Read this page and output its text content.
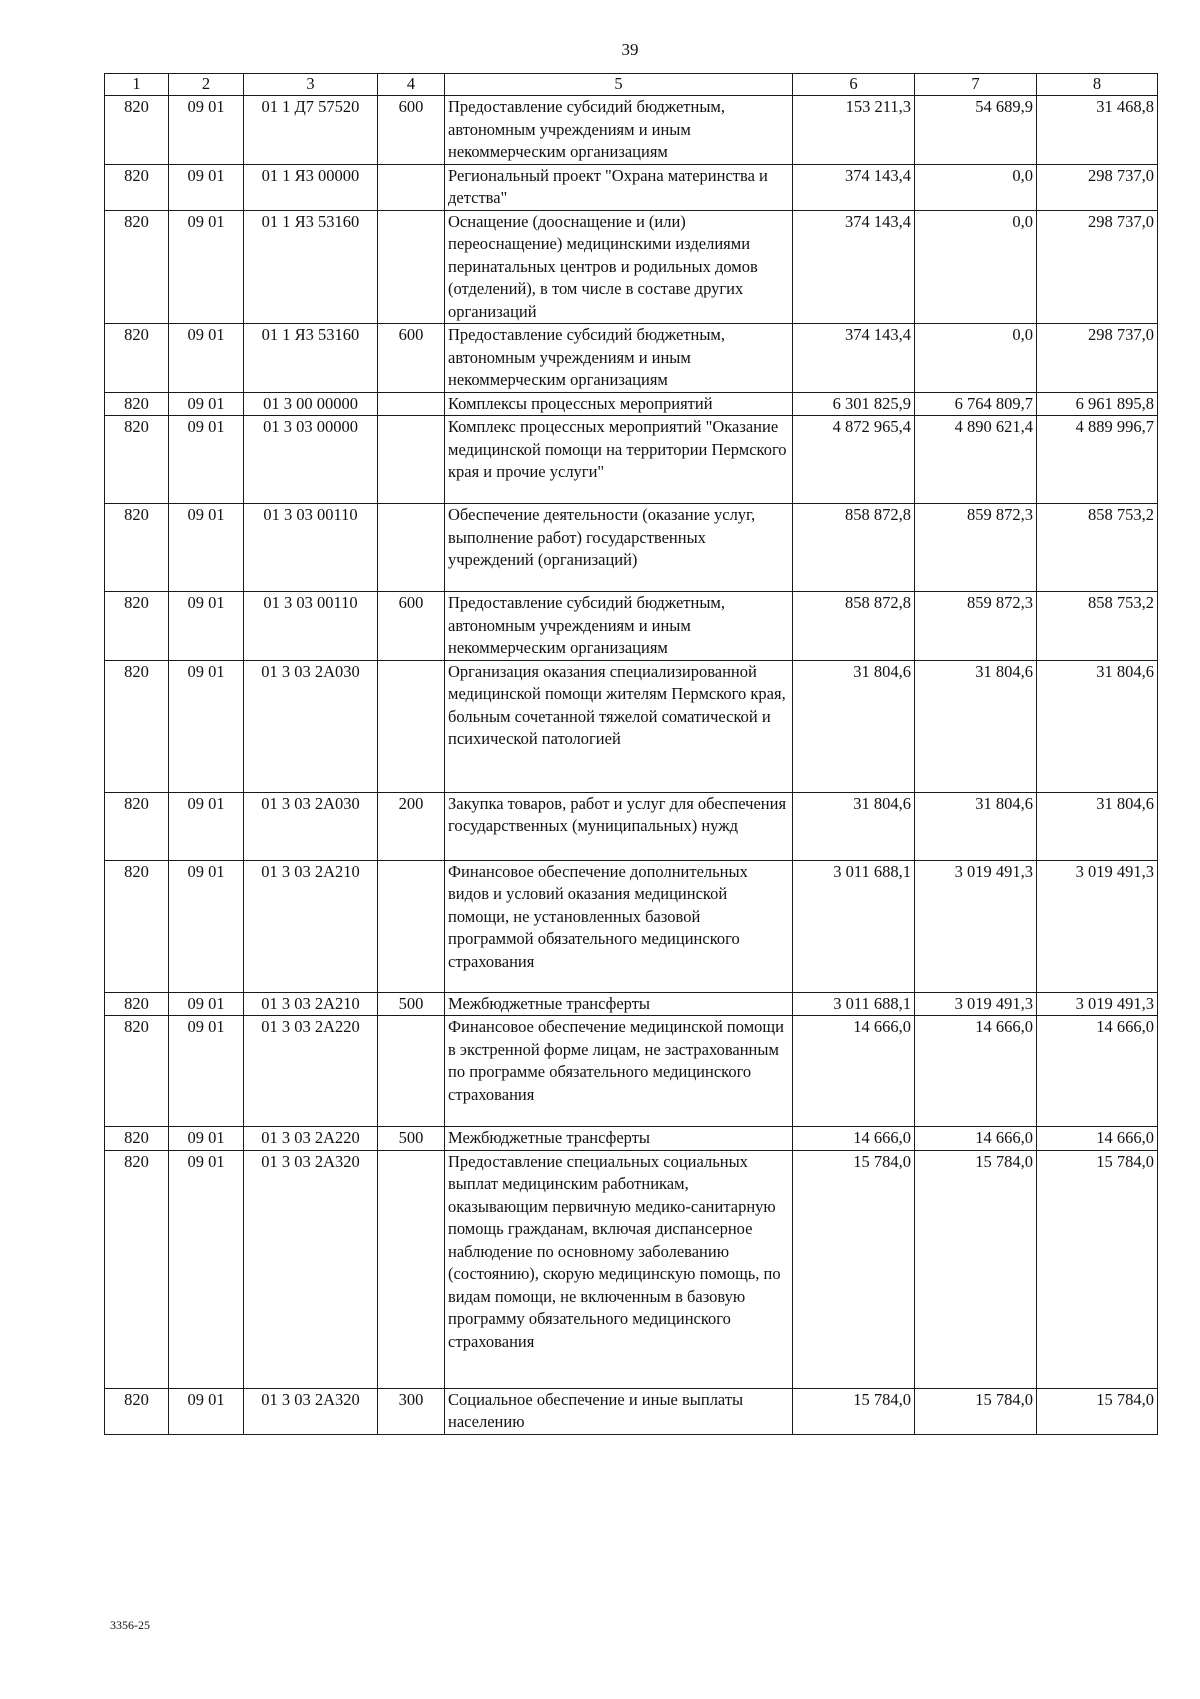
39
1	2	3	4	5	6	7	8
820	09 01	01 1 Д7 57520	600	Предоставление субсидий бюджетным, автономным учреждениям и иным некоммерческим организациям	153 211,3	54 689,9	31 468,8
820	09 01	01 1 Я3 00000		Региональный проект "Охрана материнства и детства"	374 143,4	0,0	298 737,0
820	09 01	01 1 Я3 53160		Оснащение (дооснащение и (или) переоснащение) медицинскими изделиями перинатальных центров и родильных домов (отделений), в том числе в составе других организаций	374 143,4	0,0	298 737,0
820	09 01	01 1 Я3 53160	600	Предоставление субсидий бюджетным, автономным учреждениям и иным некоммерческим организациям	374 143,4	0,0	298 737,0
820	09 01	01 3 00 00000		Комплексы процессных мероприятий	6 301 825,9	6 764 809,7	6 961 895,8
820	09 01	01 3 03 00000		Комплекс процессных мероприятий "Оказание медицинской помощи на территории Пермского края и прочие услуги"	4 872 965,4	4 890 621,4	4 889 996,7
820	09 01	01 3 03 00110		Обеспечение деятельности (оказание услуг, выполнение работ) государственных учреждений (организаций)	858 872,8	859 872,3	858 753,2
820	09 01	01 3 03 00110	600	Предоставление субсидий бюджетным, автономным учреждениям и иным некоммерческим организациям	858 872,8	859 872,3	858 753,2
820	09 01	01 3 03 2А030		Организация оказания специализированной медицинской помощи жителям Пермского края, больным сочетанной тяжелой соматической и психической патологией	31 804,6	31 804,6	31 804,6
820	09 01	01 3 03 2А030	200	Закупка товаров, работ и услуг для обеспечения государственных (муниципальных) нужд	31 804,6	31 804,6	31 804,6
820	09 01	01 3 03 2А210		Финансовое обеспечение дополнительных видов и условий оказания медицинской помощи, не установленных базовой программой обязательного медицинского страхования	3 011 688,1	3 019 491,3	3 019 491,3
820	09 01	01 3 03 2А210	500	Межбюджетные трансферты	3 011 688,1	3 019 491,3	3 019 491,3
820	09 01	01 3 03 2А220		Финансовое обеспечение медицинской помощи в экстренной форме лицам, не застрахованным по программе обязательного медицинского страхования	14 666,0	14 666,0	14 666,0
820	09 01	01 3 03 2А220	500	Межбюджетные трансферты	14 666,0	14 666,0	14 666,0
820	09 01	01 3 03 2А320		Предоставление специальных социальных выплат медицинским работникам, оказывающим первичную медико-санитарную помощь гражданам, включая диспансерное наблюдение по основному заболеванию (состоянию), скорую медицинскую помощь, по видам помощи, не включенным в базовую программу обязательного медицинского страхования	15 784,0	15 784,0	15 784,0
820	09 01	01 3 03 2А320	300	Социальное обеспечение и иные выплаты населению	15 784,0	15 784,0	15 784,0
3356-25
